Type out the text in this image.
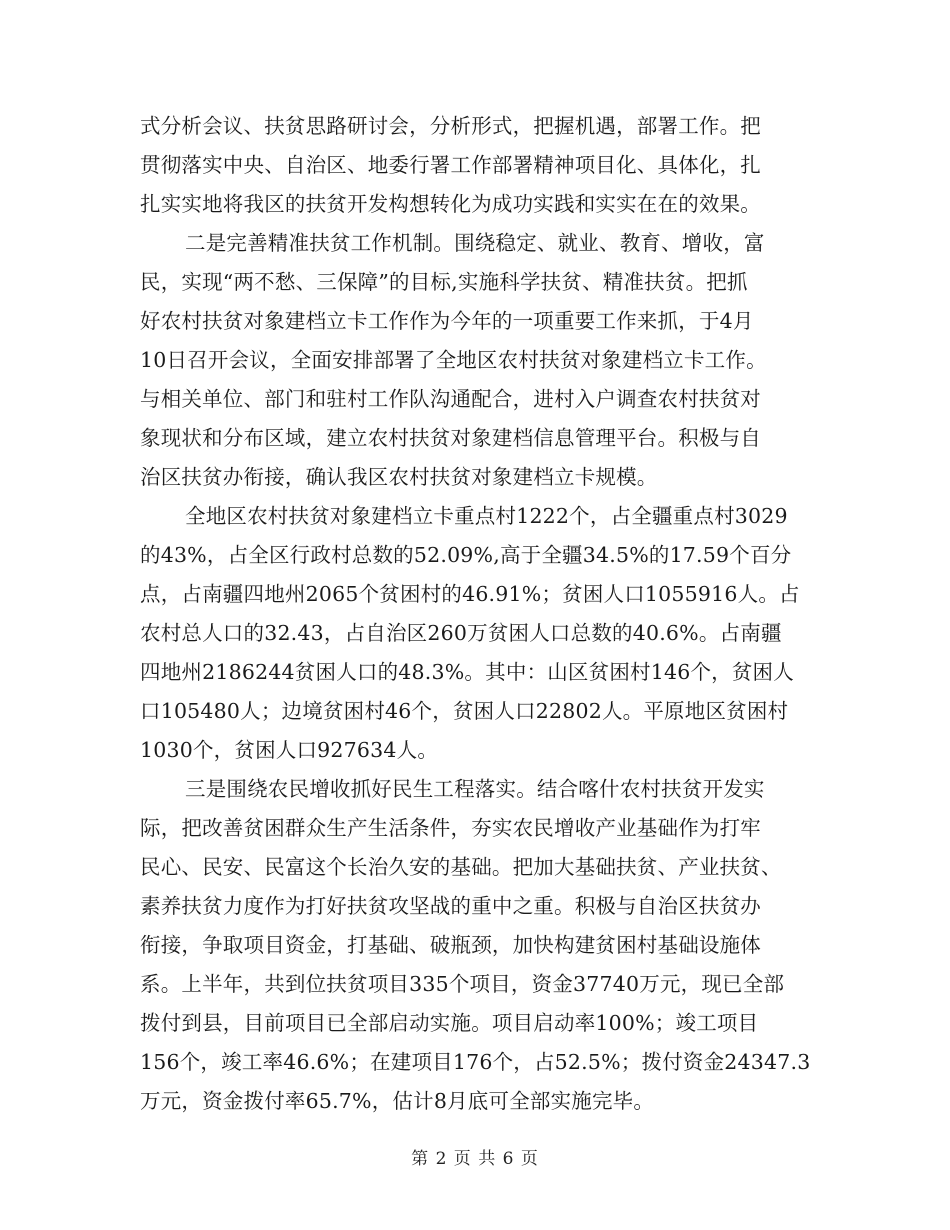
式分析会议、扶贫思路研讨会，分析形式，把握机遇，部署工作。把
贯彻落实中央、自治区、地委行署工作部署精神项目化、具体化，扎
扎实实地将我区的扶贫开发构想转化为成功实践和实实在在的效果。
二是完善精准扶贫工作机制。围绕稳定、就业、教育、增收，富
民，实现“两不愁、三保障”的目标,实施科学扶贫、精准扶贫。把抓
好农村扶贫对象建档立卡工作作为今年的一项重要工作来抓，于4月
10日召开会议，全面安排部署了全地区农村扶贫对象建档立卡工作。
与相关单位、部门和驻村工作队沟通配合，进村入户调查农村扶贫对
象现状和分布区域，建立农村扶贫对象建档信息管理平台。积极与自
治区扶贫办衔接，确认我区农村扶贫对象建档立卡规模。
全地区农村扶贫对象建档立卡重点村1222个，占全疆重点村3029
的43%，占全区行政村总数的52.09%,高于全疆34.5%的17.59个百分
点，占南疆四地州2065个贫困村的46.91%；贫困人口1055916人。占
农村总人口的32.43，占自治区260万贫困人口总数的40.6%。占南疆
四地州2186244贫困人口的48.3%。其中：山区贫困村146个，贫困人
口105480人；边境贫困村46个，贫困人口22802人。平原地区贫困村
1030个，贫困人口927634人。
三是围绕农民增收抓好民生工程落实。结合喀什农村扶贫开发实
际，把改善贫困群众生产生活条件，夯实农民增收产业基础作为打牢
民心、民安、民富这个长治久安的基础。把加大基础扶贫、产业扶贫、
素养扶贫力度作为打好扶贫攻坚战的重中之重。积极与自治区扶贫办
衔接，争取项目资金，打基础、破瓶颈，加快构建贫困村基础设施体
系。上半年，共到位扶贫项目335个项目，资金37740万元，现已全部
拨付到县，目前项目已全部启动实施。项目启动率100%；竣工项目
156个，竣工率46.6%；在建项目176个，占52.5%；拨付资金24347.3
万元，资金拨付率65.7%，估计8月底可全部实施完毕。
第 2 页 共 6 页
